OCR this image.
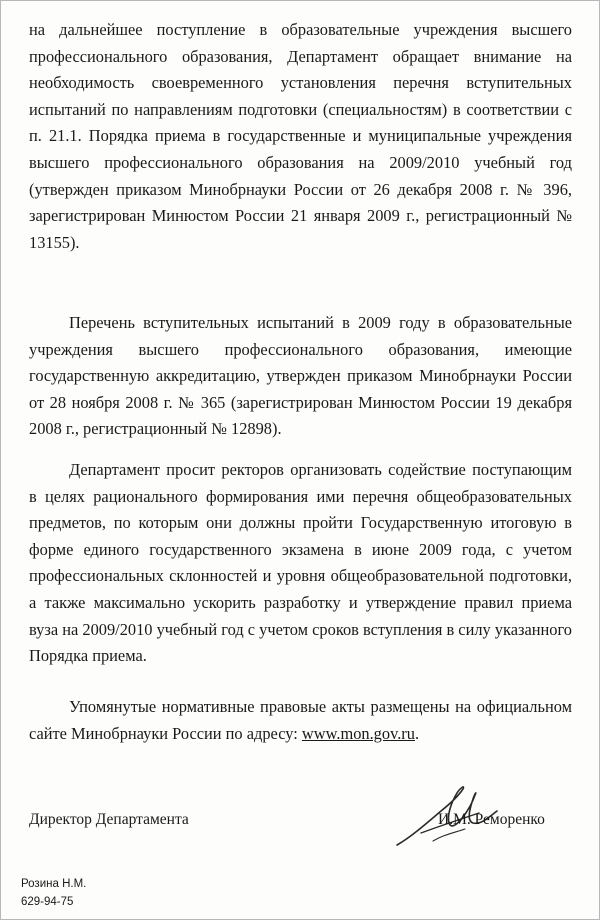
на дальнейшее поступление в образовательные учреждения высшего профессионального образования, Департамент обращает внимание на необходимость своевременного установления перечня вступительных испытаний по направлениям подготовки (специальностям) в соответствии с п. 21.1. Порядка приема в государственные и муниципальные учреждения высшего профессионального образования на 2009/2010 учебный год (утвержден приказом Минобрнауки России от 26 декабря 2008 г. № 396, зарегистрирован Минюстом России 21 января 2009 г., регистрационный № 13155).

Перечень вступительных испытаний в 2009 году в образовательные учреждения высшего профессионального образования, имеющие государственную аккредитацию, утвержден приказом Минобрнауки России от 28 ноября 2008 г. № 365 (зарегистрирован Минюстом России 19 декабря 2008 г., регистрационный № 12898).

Департамент просит ректоров организовать содействие поступающим в целях рационального формирования ими перечня общеобразовательных предметов, по которым они должны пройти Государственную итоговую в форме единого государственного экзамена в июне 2009 года, с учетом профессиональных склонностей и уровня общеобразовательной подготовки, а также максимально ускорить разработку и утверждение правил приема вуза на 2009/2010 учебный год с учетом сроков вступления в силу указанного Порядка приема.

Упомянутые нормативные правовые акты размещены на официальном сайте Минобрнауки России по адресу: www.mon.gov.ru.

Директор Департамента	И.М. Реморенко
Розина Н.М.
629-94-75
